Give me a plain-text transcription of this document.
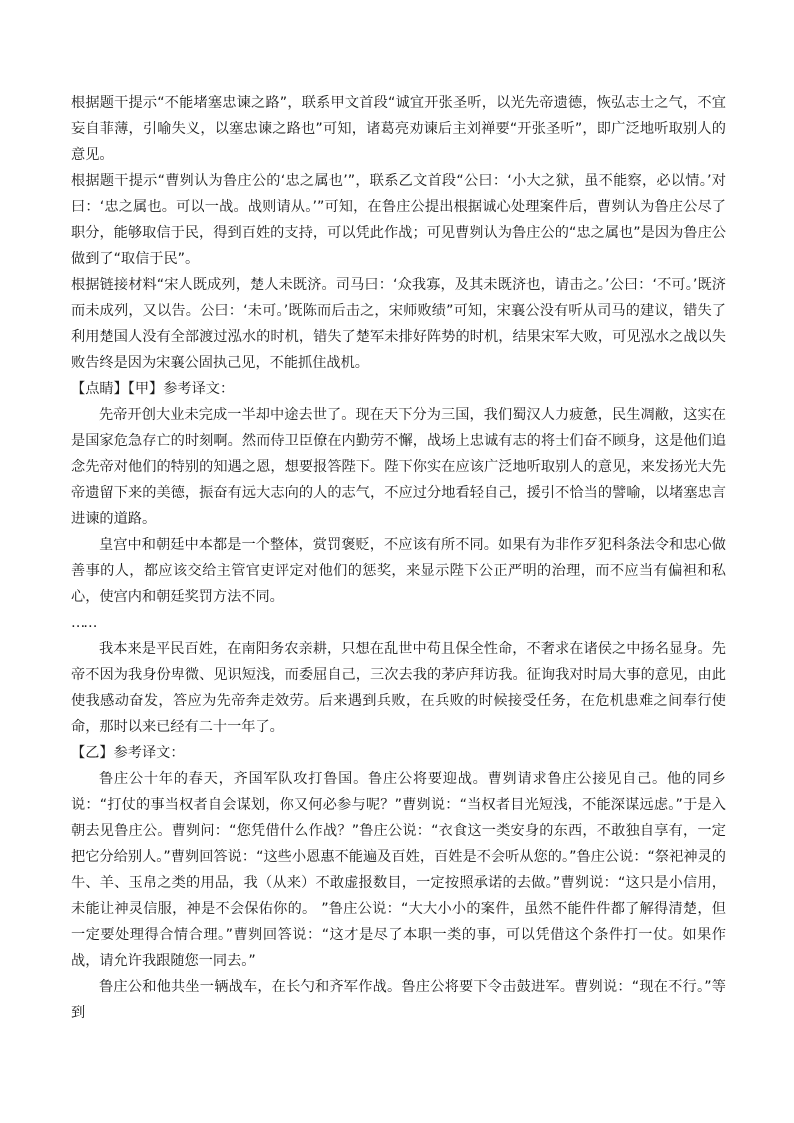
根据题干提示“不能堵塞忠谏之路”，联系甲文首段“诚宜开张圣听，以光先帝遗德，恢弘志士之气，不宜妄自菲薄，引喻失义，以塞忠谏之路也”可知，诸葛亮劝谏后主刘禅要“开张圣听”，即广泛地听取别人的意见。

根据题干提示“曹刿认为鲁庄公的‘忠之属也’”，联系乙文首段“公曰：‘小大之狱，虽不能察，必以情。’对曰：‘忠之属也。可以一战。战则请从。’”可知，在鲁庄公提出根据诚心处理案件后，曹刿认为鲁庄公尽了职分，能够取信于民，得到百姓的支持，可以凭此作战；可见曹刿认为鲁庄公的“忠之属也”是因为鲁庄公做到了“取信于民”。

根据链接材料“宋人既成列，楚人未既济。司马曰：‘众我寡，及其未既济也，请击之。’公曰：‘不可。’既济而未成列，又以告。公曰：‘未可。’既陈而后击之，宋师败绩”可知，宋襄公没有听从司马的建议，错失了利用楚国人没有全部渡过泓水的时机，错失了楚军未排好阵势的时机，结果宋军大败，可见泓水之战以失败告终是因为宋襄公固执己见，不能抓住战机。

【点睛】【甲】参考译文：

先帝开创大业未完成一半却中途去世了。现在天下分为三国，我们蜀汉人力疲惫，民生凋敝，这实在是国家危急存亡的时刻啊。然而侍卫臣僚在内勤劳不懈，战场上忠诚有志的将士们奋不顾身，这是他们追念先帝对他们的特别的知遇之恩，想要报答陛下。陛下你实在应该广泛地听取别人的意见，来发扬光大先帝遗留下来的美德，振奋有远大志向的人的志气，不应过分地看轻自己，援引不恰当的譬喻，以堵塞忠言进谏的道路。

皇宫中和朝廷中本都是一个整体，赏罚褒贬，不应该有所不同。如果有为非作歹犯科条法令和忠心做善事的人，都应该交给主管官吏评定对他们的惩奖，来显示陛下公正严明的治理，而不应当有偏袒和私心，使宫内和朝廷奖罚方法不同。

……

我本来是平民百姓，在南阳务农亲耕，只想在乱世中苟且保全性命，不奢求在诸侯之中扬名显身。先帝不因为我身份卑微、见识短浅，而委屈自己，三次去我的茅庐拜访我。征询我对时局大事的意见，由此使我感动奋发，答应为先帝奔走效劳。后来遇到兵败，在兵败的时候接受任务，在危机患难之间奉行使命，那时以来已经有二十一年了。

【乙】参考译文：

鲁庄公十年的春天，齐国军队攻打鲁国。鲁庄公将要迎战。曹刿请求鲁庄公接见自己。他的同乡说：“打仗的事当权者自会谋划，你又何必参与呢？”曹刿说：“当权者目光短浅，不能深谋远虑。”于是入朝去见鲁庄公。曹刿问：“您凭借什么作战？”鲁庄公说：“衣食这一类安身的东西，不敢独自享有，一定把它分给别人。”曹刿回答说：“这些小恩惠不能遍及百姓，百姓是不会听从您的。”鲁庄公说：“祭祀神灵的牛、羊、玉帛之类的用品，我（从来）不敢虚报数目，一定按照承诺的去做。”曹刿说：“这只是小信用，未能让神灵信服，神是不会保佑你的。 ”鲁庄公说：“大大小小的案件，虽然不能件件都了解得清楚，但一定要处理得合情合理。”曹刿回答说：“这才是尽了本职一类的事，可以凭借这个条件打一仗。如果作战，请允许我跟随您一同去。”

鲁庄公和他共坐一辆战车，在长勺和齐军作战。鲁庄公将要下令击鼓进军。曹刿说：“现在不行。”等到
